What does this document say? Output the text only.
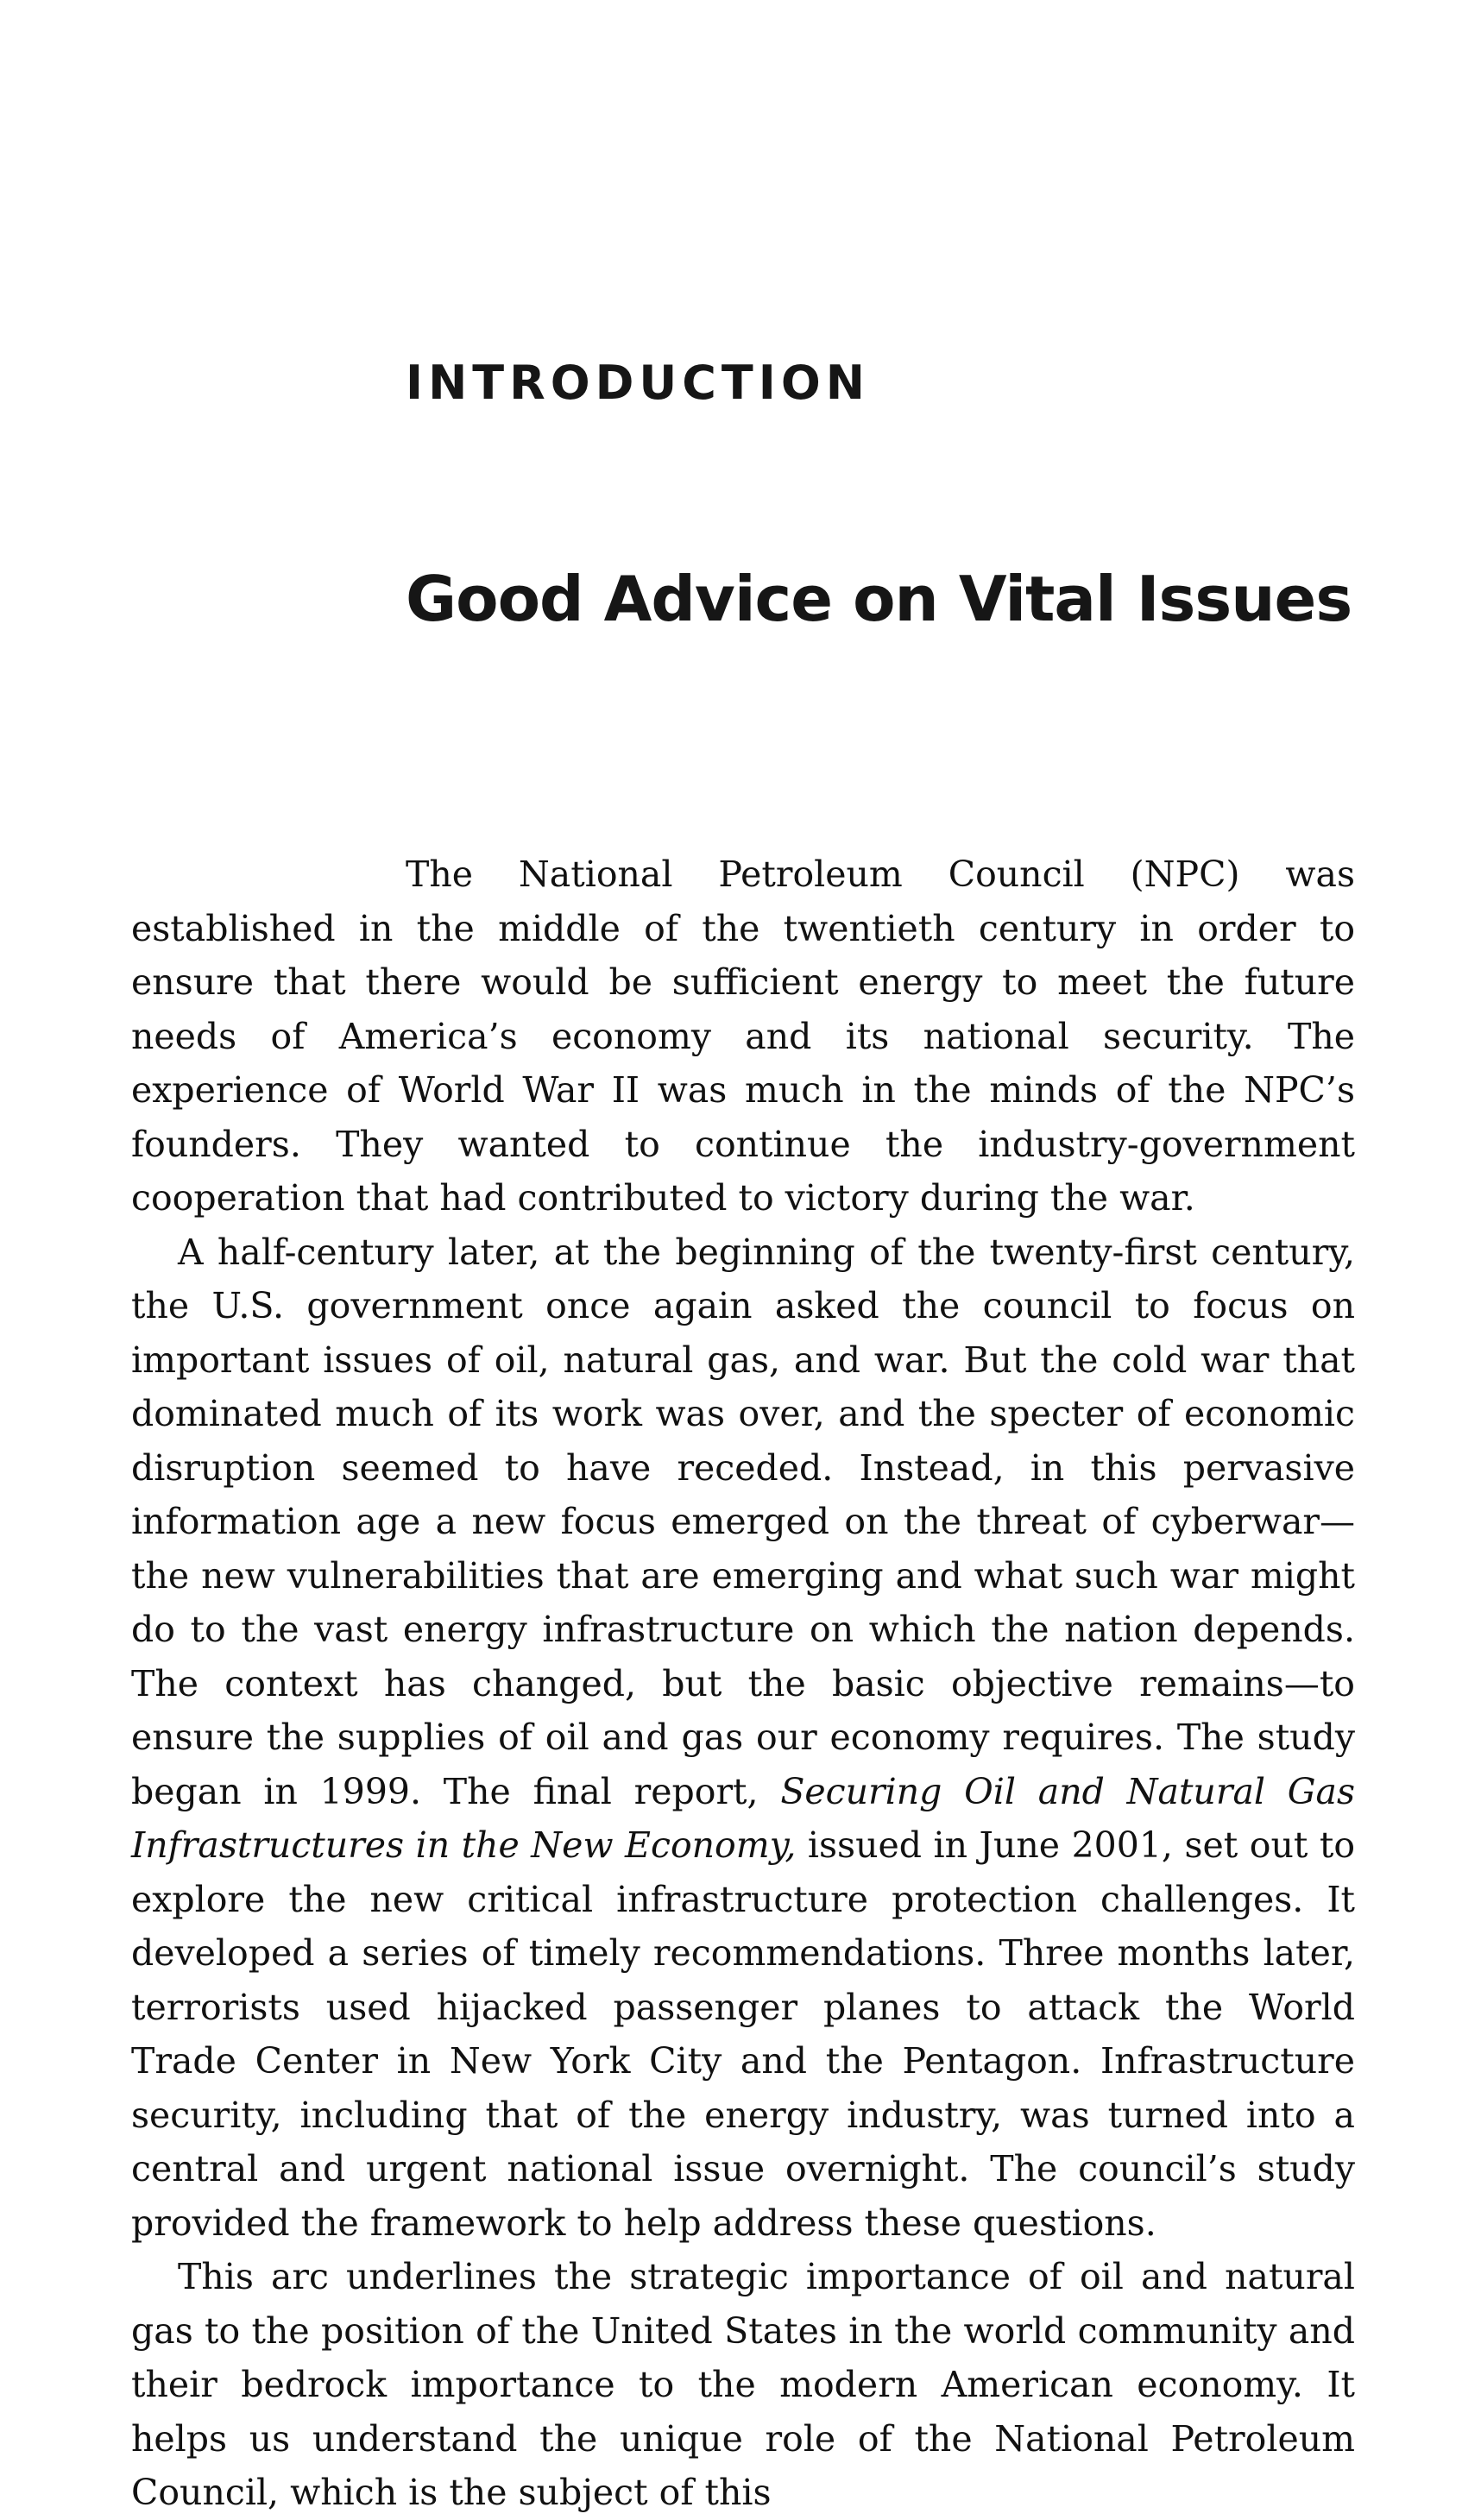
INTRODUCTION
Good Advice on Vital Issues

The National Petroleum Council (NPC) was established in the middle of the twentieth century in order to ensure that there would be sufficient energy to meet the future needs of America’s economy and its national security. The experience of World War II was much in the minds of the NPC’s founders. They wanted to continue the industry-government cooperation that had contributed to victory during the war.

A half-century later, at the beginning of the twenty-first century, the U.S. government once again asked the council to focus on important issues of oil, natural gas, and war. But the cold war that dominated much of its work was over, and the specter of economic disruption seemed to have receded. Instead, in this pervasive information age a new focus emerged on the threat of cyberwar—the new vulnerabilities that are emerging and what such war might do to the vast energy infrastructure on which the nation depends. The context has changed, but the basic objective remains—to ensure the supplies of oil and gas our economy requires. The study began in 1999. The final report, Securing Oil and Natural Gas Infrastructures in the New Economy, issued in June 2001, set out to explore the new critical infrastructure protection challenges. It developed a series of timely recommendations. Three months later, terrorists used hijacked passenger planes to attack the World Trade Center in New York City and the Pentagon. Infrastructure security, including that of the energy industry, was turned into a central and urgent national issue overnight. The council’s study provided the framework to help address these questions.

This arc underlines the strategic importance of oil and natural gas to the position of the United States in the world community and their bedrock importance to the modern American economy. It helps us understand the unique role of the National Petroleum Council, which is the subject of this
